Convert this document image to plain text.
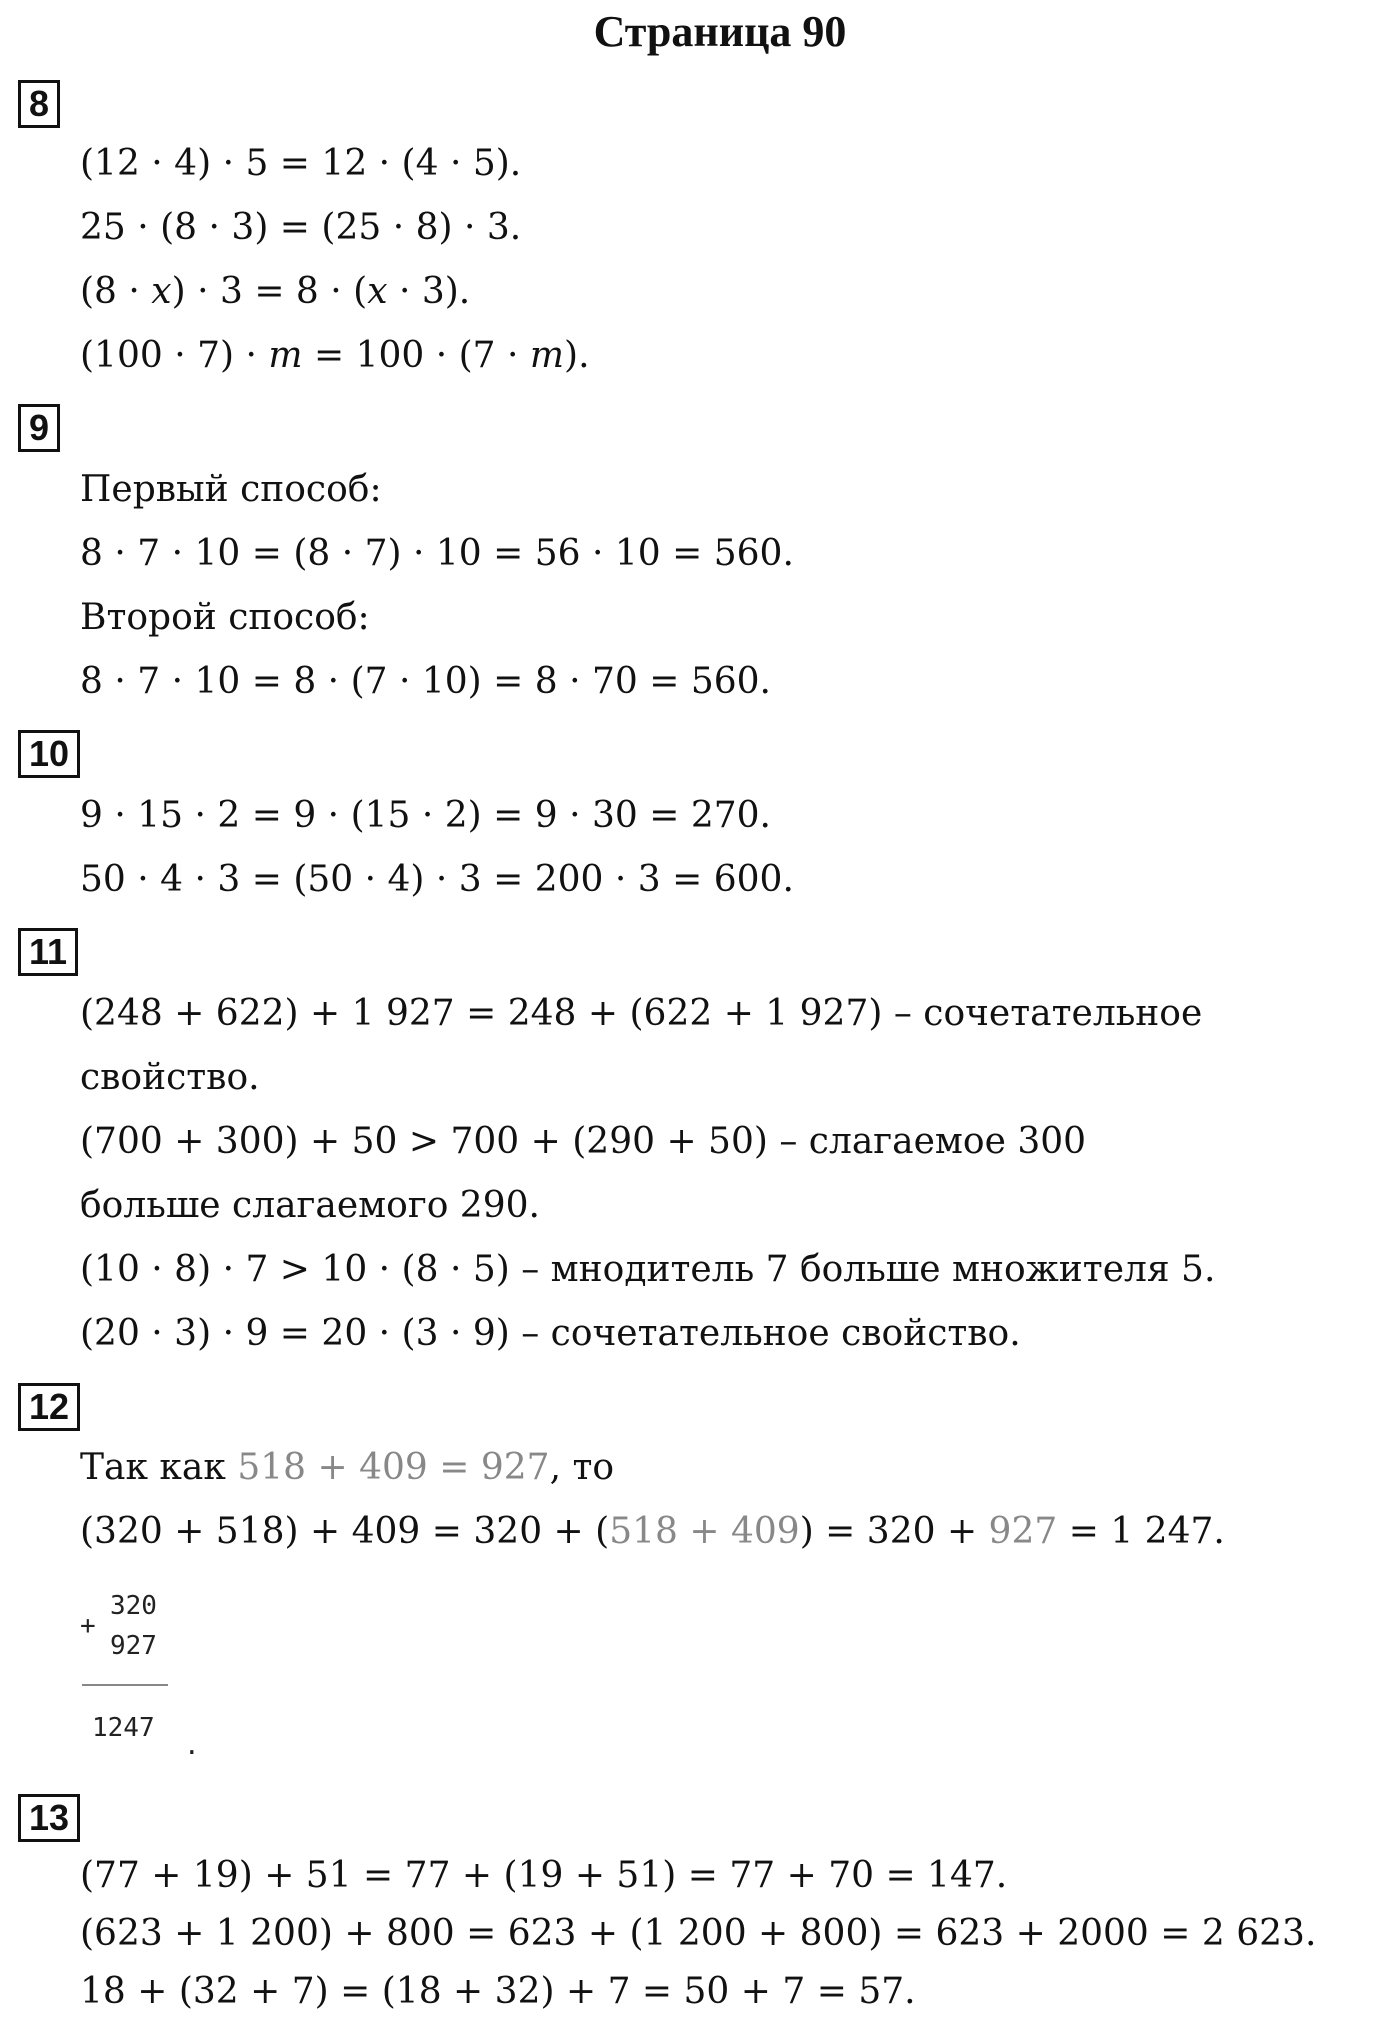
Страница 90
8
(12 · 4) · 5 = 12 · (4 · 5).
25 · (8 · 3) = (25 · 8) · 3.
(8 · x) · 3 = 8 · (x · 3).
(100 · 7) · m = 100 · (7 · m).
9
Первый способ:
8 · 7 · 10 = (8 · 7) · 10 = 56 · 10 = 560.
Второй способ:
8 · 7 · 10 = 8 · (7 · 10) = 8 · 70 = 560.
10
9 · 15 · 2 = 9 · (15 · 2) = 9 · 30 = 270.
50 · 4 · 3 = (50 · 4) · 3 = 200 · 3 = 600.
11
(248 + 622) + 1 927 = 248 + (622 + 1 927) – сочетательное
свойство.
(700 + 300) + 50 > 700 + (290 + 50) – слагаемое 300
больше слагаемого 290.
(10 · 8) · 7 > 10 · (8 · 5) – мнодитель 7 больше множителя 5.
(20 · 3) · 9 = 20 · (3 · 9) – сочетательное свойство.
12
Так как 518 + 409 = 927, то
(320 + 518) + 409 = 320 + (518 + 409) = 320 + 927 = 1 247.
+
320
927
1247
.
13
(77 + 19) + 51 = 77 + (19 + 51) = 77 + 70 = 147.
(623 + 1 200) + 800 = 623 + (1 200 + 800) = 623 + 2000 = 2 623.
18 + (32 + 7) = (18 + 32) + 7 = 50 + 7 = 57.
